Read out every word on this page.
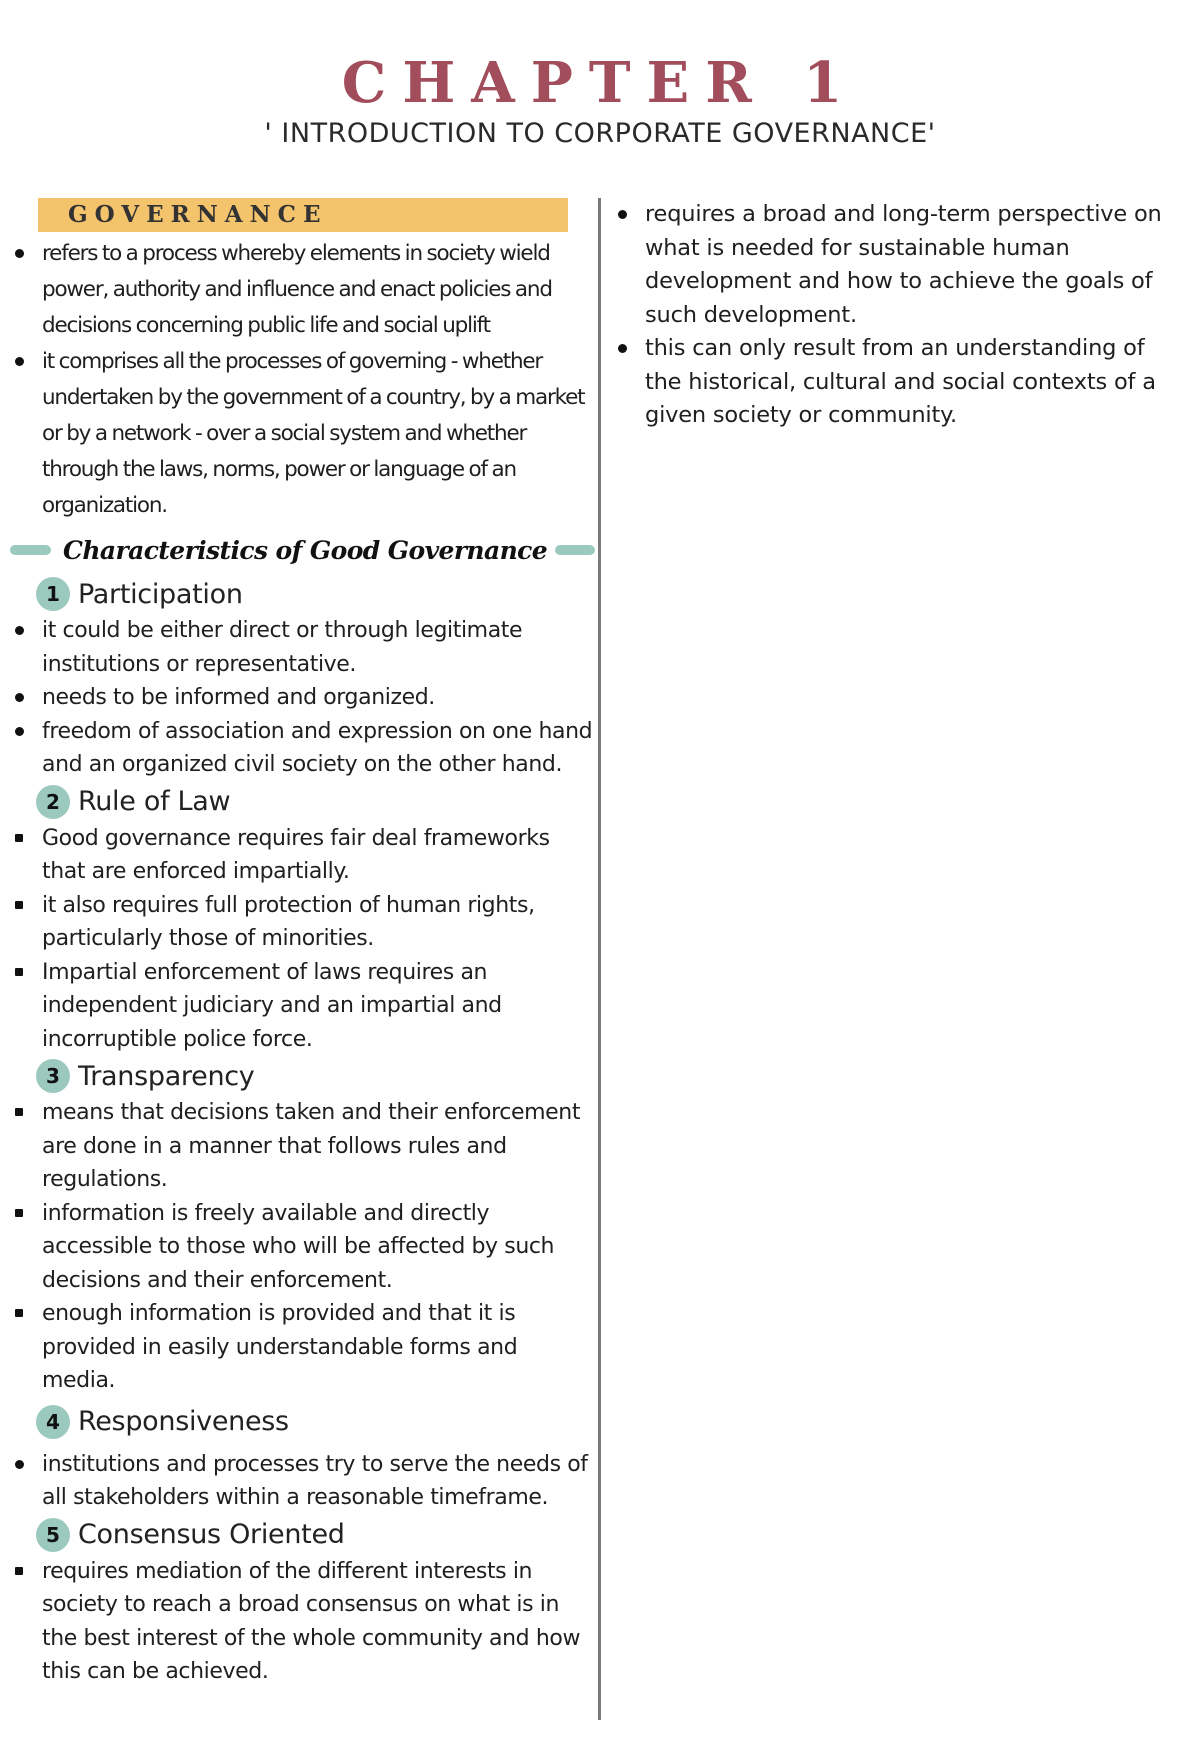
CHAPTER 1
' INTRODUCTION TO CORPORATE GOVERNANCE'
GOVERNANCE
refers to a process whereby elements in society wield power, authority and influence and enact policies and decisions concerning public life and social uplift
it comprises all the processes of governing - whether undertaken by the government of a country, by a market or by a network - over a social system and whether through the laws, norms, power or language of an organization.
Characteristics of Good Governance
1 Participation
it could be either direct or through legitimate institutions or representative.
needs to be informed and organized.
freedom of association and expression on one hand and an organized civil society on the other hand.
2 Rule of Law
Good governance requires fair deal frameworks that are enforced impartially.
it also requires full protection of human rights, particularly those of minorities.
Impartial enforcement of laws requires an independent judiciary and an impartial and incorruptible police force.
3 Transparency
means that decisions taken and their enforcement are done in a manner that follows rules and regulations.
information is freely available and directly accessible to those who will be affected by such decisions and their enforcement.
enough information is provided and that it is provided in easily understandable forms and media.
4 Responsiveness
institutions and processes try to serve the needs of all stakeholders within a reasonable timeframe.
5 Consensus Oriented
requires mediation of the different interests in society to reach a broad consensus on what is in the best interest of the whole community and how this can be achieved.
requires a broad and long-term perspective on what is needed for sustainable human development and how to achieve the goals of such development.
this can only result from an understanding of the historical, cultural and social contexts of a given society or community.
